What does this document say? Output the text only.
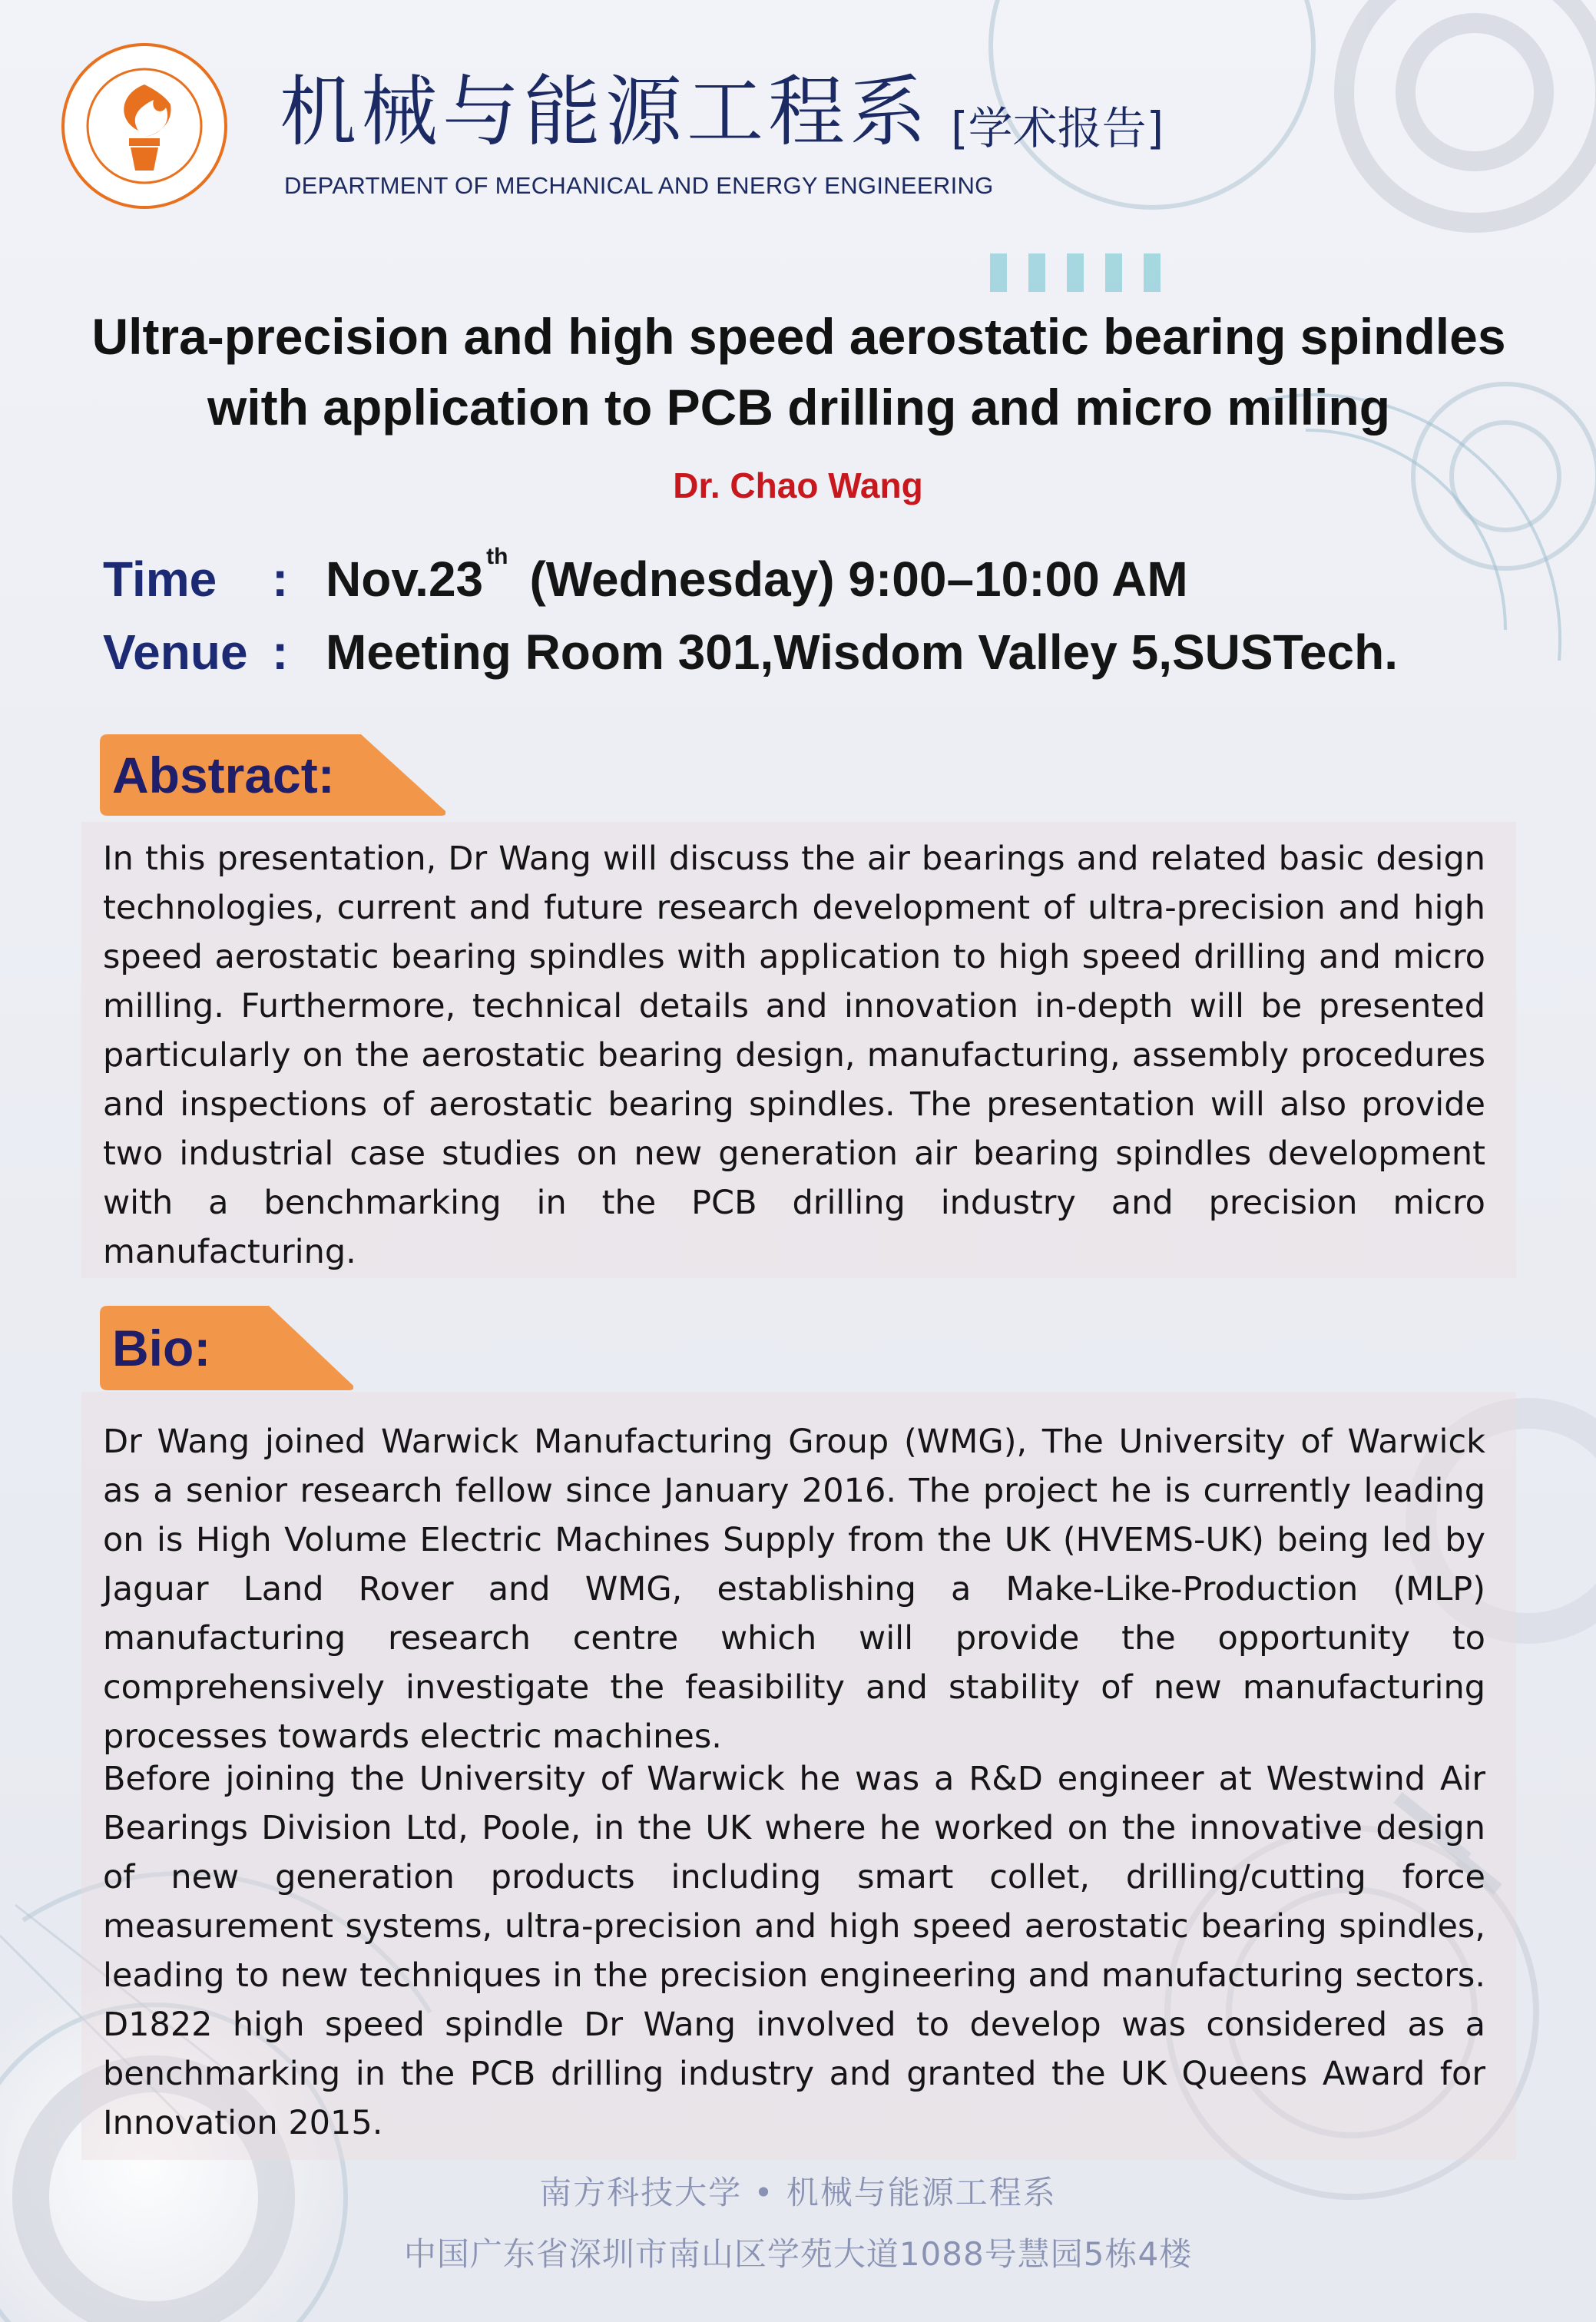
机械与能源工程系 [学术报告]
DEPARTMENT OF MECHANICAL AND ENERGY ENGINEERING
Ultra-precision and high speed aerostatic bearing spindles
with application to PCB drilling and micro milling
Dr. Chao Wang
Time : Nov.23 $^{th}$ (Wednesday) 9:00–10:00 AM
Venue : Meeting Room 301,Wisdom Valley 5,SUSTech.
Abstract:

In this presentation, Dr Wang will discuss the air bearings and related basic design technologies, current and future research development of ultra-precision and high speed aerostatic bearing spindles with application to high speed drilling and micro milling. Furthermore, technical details and innovation in-depth will be presented particularly on the aerostatic bearing design, manufacturing, assembly procedures and inspections of aerostatic bearing spindles. The presentation will also provide two industrial case studies on new generation air bearing spindles development with a benchmarking in the PCB drilling industry and precision micro manufacturing.

Bio:

Dr Wang joined Warwick Manufacturing Group (WMG), The University of Warwick as a senior research fellow since January 2016. The project he is currently leading on is High Volume Electric Machines Supply from the UK (HVEMS-UK) being led by Jaguar Land Rover and WMG, establishing a Make-Like-Production (MLP) manufacturing research centre which will provide the opportunity to comprehensively investigate the feasibility and stability of new manufacturing processes towards electric machines.

Before joining the University of Warwick he was a R&D engineer at Westwind Air Bearings Division Ltd, Poole, in the UK where he worked on the innovative design of new generation products including smart collet, drilling/cutting force measurement systems, ultra-precision and high speed aerostatic bearing spindles, leading to new techniques in the precision engineering and manufacturing sectors. D1822 high speed spindle Dr Wang involved to develop was considered as a benchmarking in the PCB drilling industry and granted the UK Queens Award for Innovation 2015.

南方科技大学 • 机械与能源工程系
中国广东省深圳市南山区学苑大道1088号慧园5栋4楼
